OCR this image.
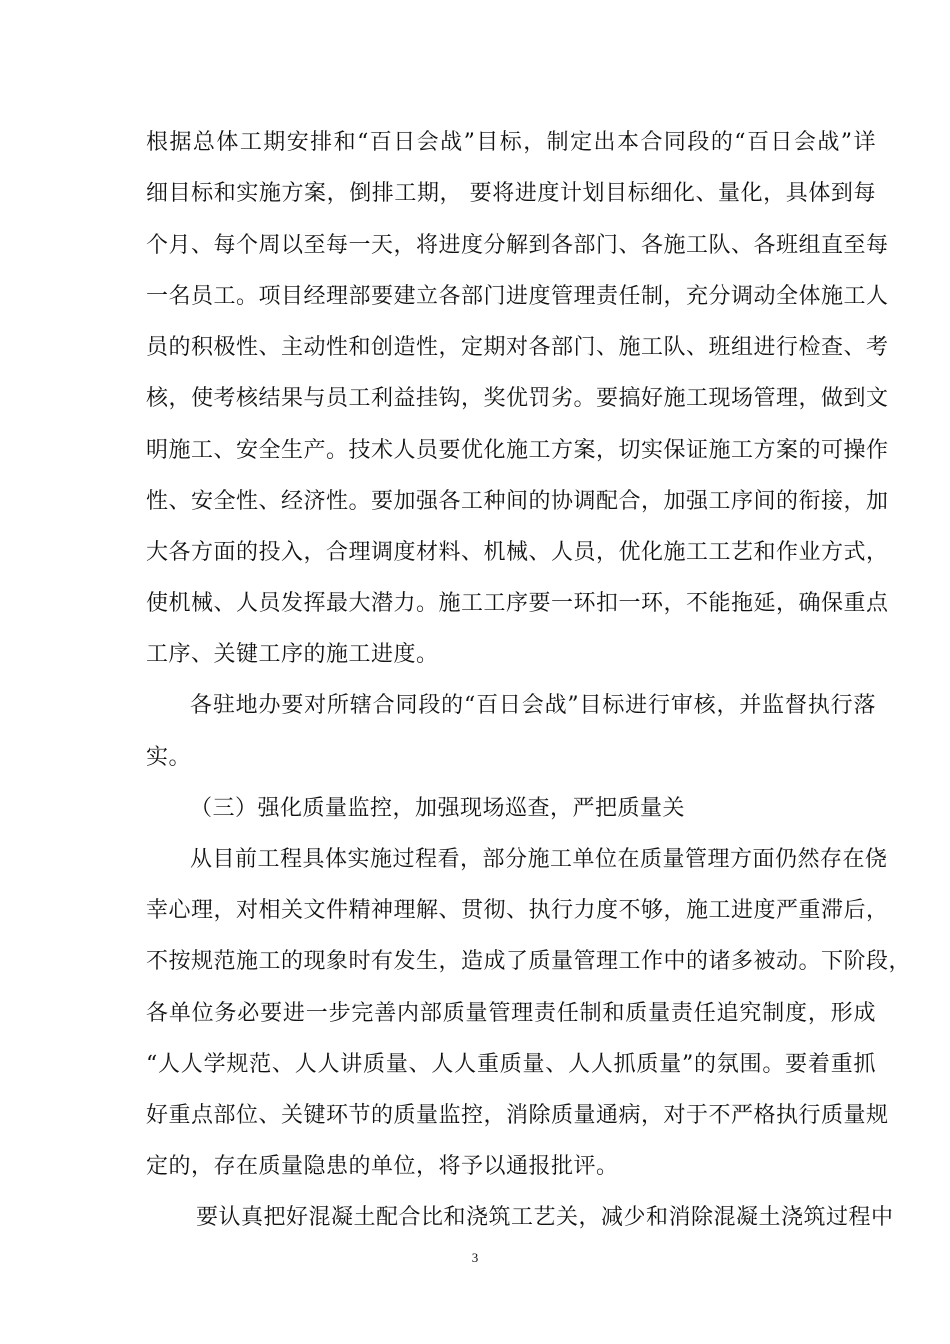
根据总体工期安排和“百日会战”目标，制定出本合同段的“百日会战”详
细目标和实施方案，倒排工期， 要将进度计划目标细化、量化，具体到每
个月、每个周以至每一天，将进度分解到各部门、各施工队、各班组直至每
一名员工。项目经理部要建立各部门进度管理责任制，充分调动全体施工人
员的积极性、主动性和创造性，定期对各部门、施工队、班组进行检查、考
核，使考核结果与员工利益挂钩，奖优罚劣。要搞好施工现场管理，做到文
明施工、安全生产。技术人员要优化施工方案，切实保证施工方案的可操作
性、安全性、经济性。要加强各工种间的协调配合，加强工序间的衔接，加
大各方面的投入，合理调度材料、机械、人员，优化施工工艺和作业方式，
使机械、人员发挥最大潜力。施工工序要一环扣一环，不能拖延，确保重点
工序、关键工序的施工进度。
各驻地办要对所辖合同段的“百日会战”目标进行审核，并监督执行落
实。
（三）强化质量监控，加强现场巡查，严把质量关
从目前工程具体实施过程看，部分施工单位在质量管理方面仍然存在侥
幸心理，对相关文件精神理解、贯彻、执行力度不够，施工进度严重滞后，
不按规范施工的现象时有发生，造成了质量管理工作中的诸多被动。下阶段，
各单位务必要进一步完善内部质量管理责任制和质量责任追究制度，形成
“人人学规范、人人讲质量、人人重质量、人人抓质量”的氛围。要着重抓
好重点部位、关键环节的质量监控，消除质量通病，对于不严格执行质量规
定的，存在质量隐患的单位，将予以通报批评。
要认真把好混凝土配合比和浇筑工艺关，减少和消除混凝土浇筑过程中
3
